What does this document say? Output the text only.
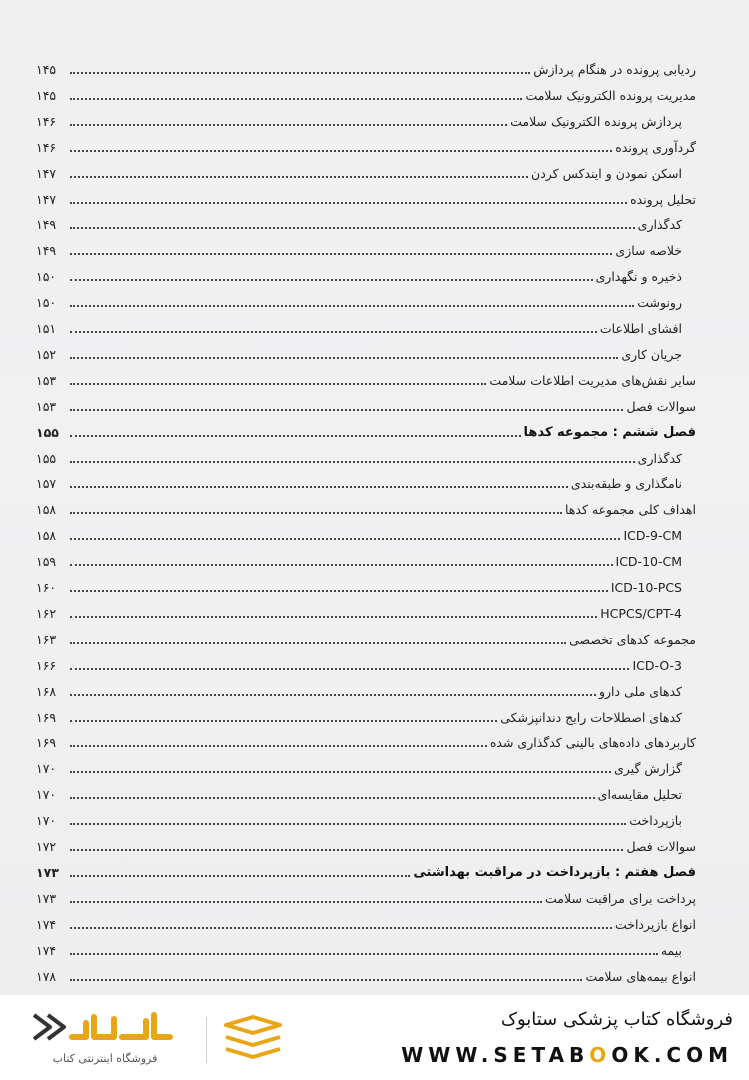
ردیابی پرونده در هنگام پردازش
۱۴۵
مدیریت پرونده الکترونیک سلامت
۱۴۵
پردازش پرونده الکترونیک سلامت
۱۴۶
گردآوری پرونده
۱۴۶
اسکن نمودن و ایندکس کردن
۱۴۷
تحلیل پرونده
۱۴۷
کدگذاری
۱۴۹
خلاصه سازی
۱۴۹
ذخیره و نگهداری
۱۵۰
رونوشت
۱۵۰
افشای اطلاعات
۱۵۱
جریان کاری
۱۵۲
سایر نقش‌های مدیریت اطلاعات سلامت
۱۵۳
سوالات فصل
۱۵۳
فصل ششم : مجموعه کدها
۱۵۵
کدگذاری
۱۵۵
نامگذاری و طبقه‌بندی
۱۵۷
اهداف کلی مجموعه کدها
۱۵۸
ICD-9-CM
۱۵۸
ICD-10-CM
۱۵۹
ICD-10-PCS
۱۶۰
HCPCS/CPT-4
۱۶۲
مجموعه کدهای تخصصی
۱۶۳
ICD-O-3
۱۶۶
کدهای ملی دارو
۱۶۸
کدهای اصطلاحات رایج دندانپزشکی
۱۶۹
کاربردهای داده‌های بالینی کدگذاری شده
۱۶۹
گزارش گیری
۱۷۰
تحلیل مقایسه‌ای
۱۷۰
بازپرداخت
۱۷۰
سوالات فصل
۱۷۲
فصل هفتم : بازپرداخت در مراقبت بهداشتی
۱۷۳
پرداخت برای مراقبت سلامت
۱۷۳
انواع بازپرداخت
۱۷۴
بیمه
۱۷۴
انواع بیمه‌های سلامت
۱۷۸
فروشگاه اینترنتی کتاب
فروشگاه کتاب پزشکی ستابوک
WWW.SETABOOK.COM
